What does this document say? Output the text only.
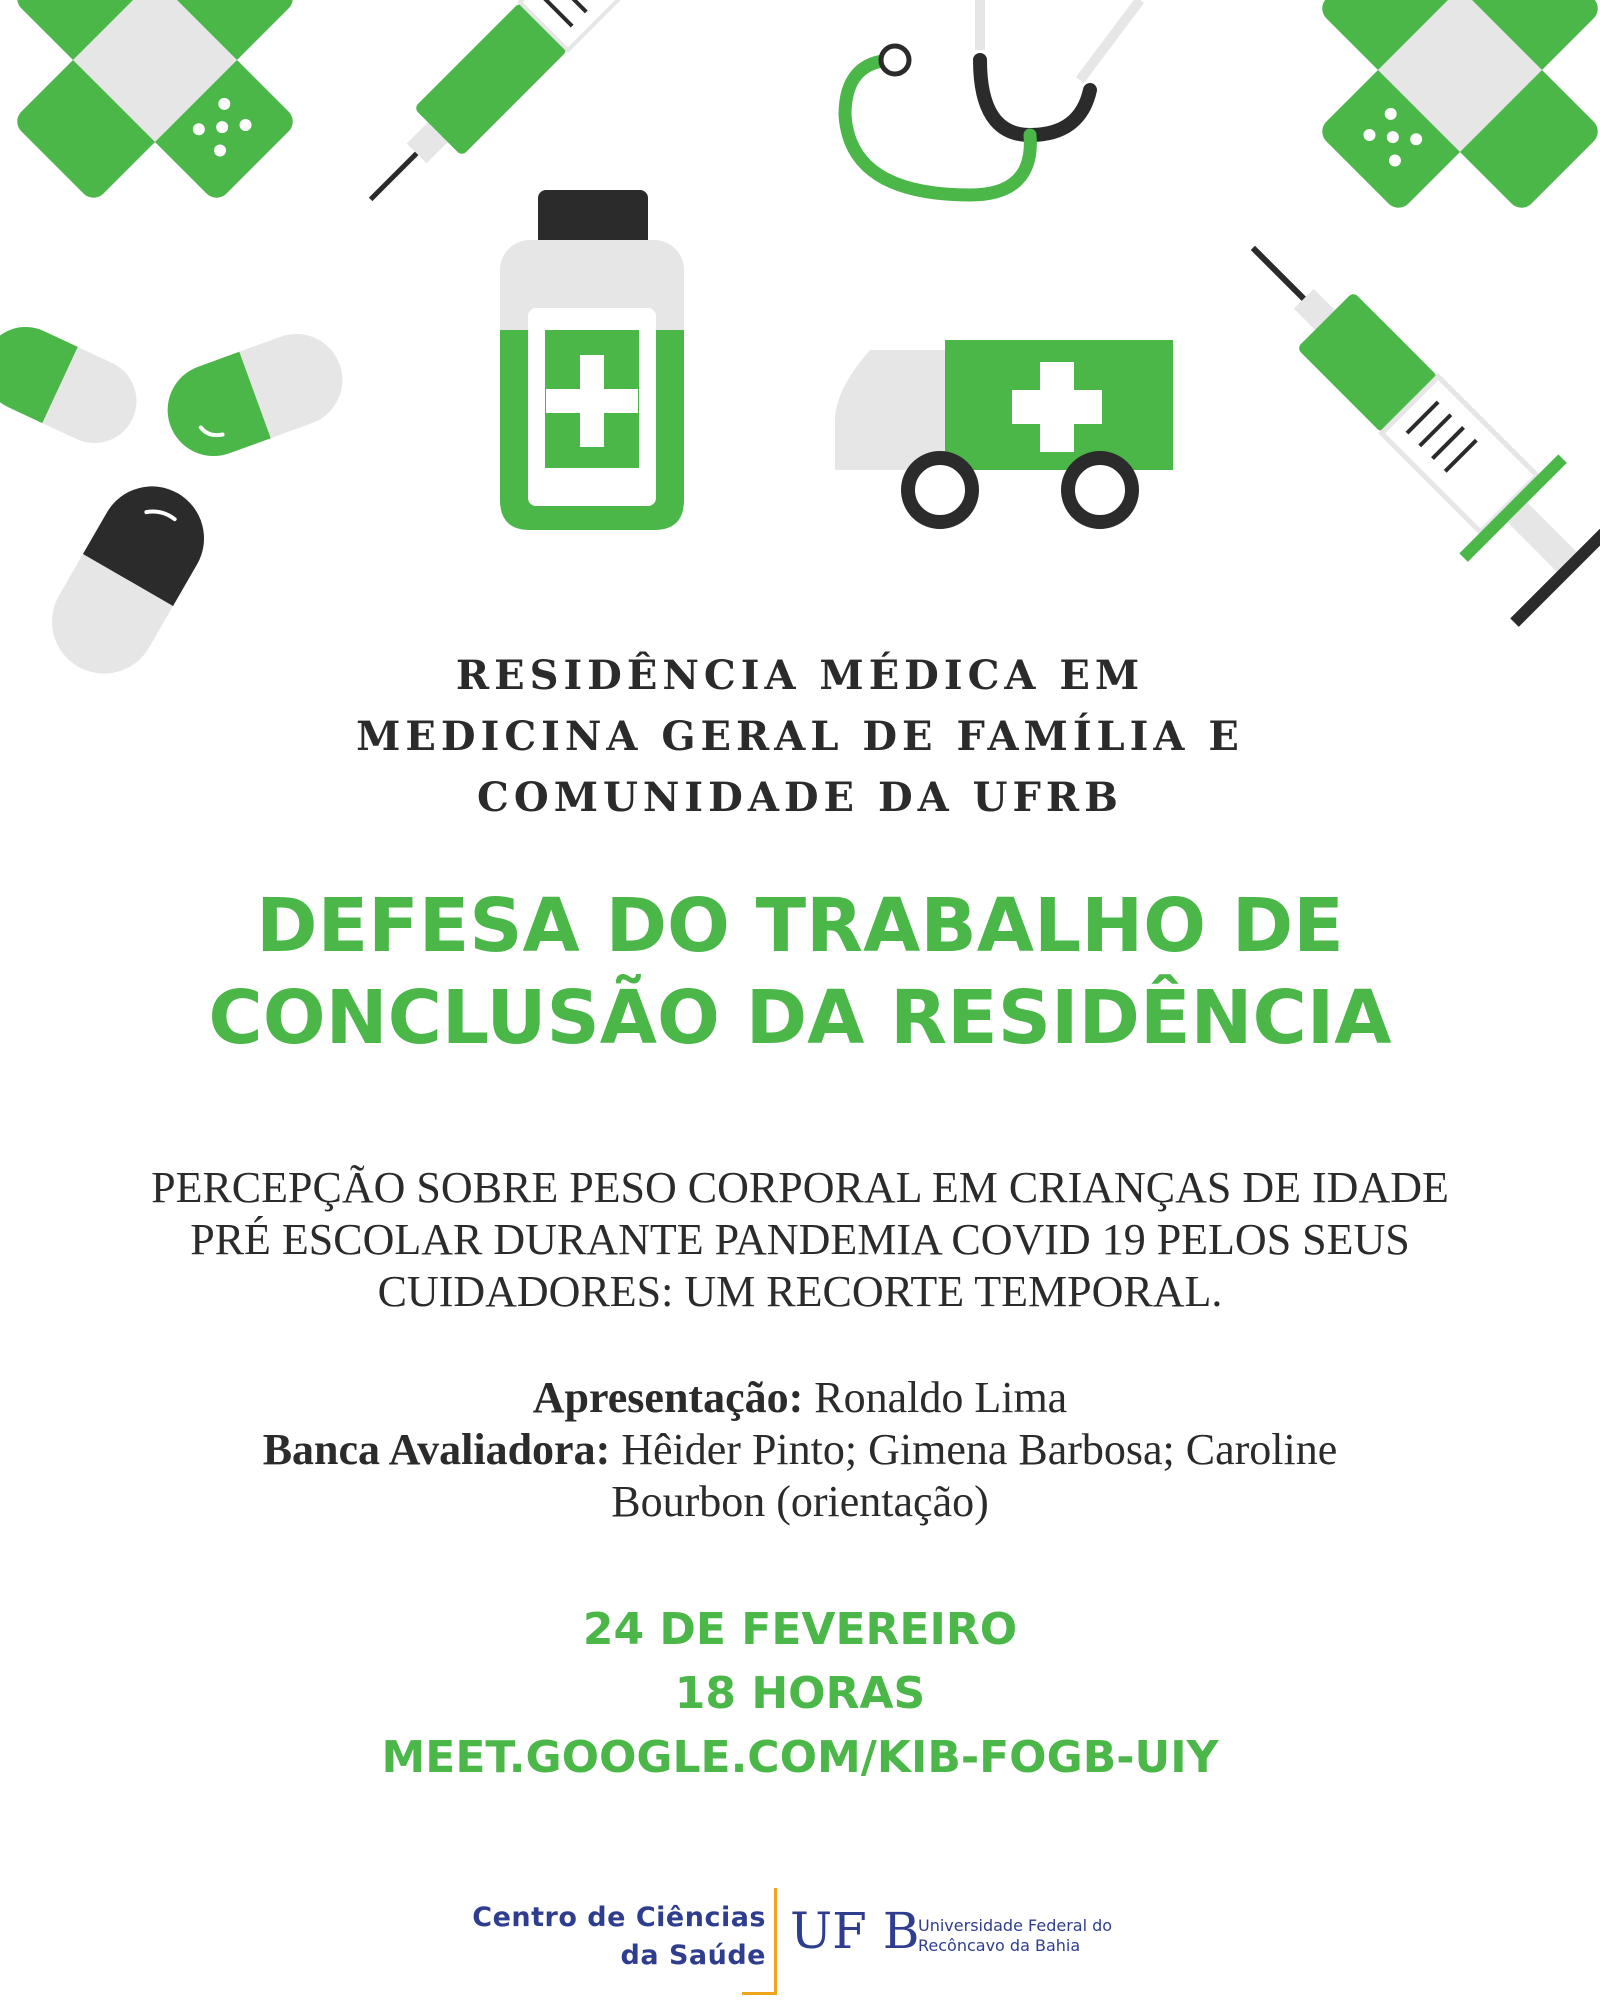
RESIDÊNCIA MÉDICA EM
MEDICINA GERAL DE FAMÍLIA E
COMUNIDADE DA UFRB
DEFESA DO TRABALHO DE
CONCLUSÃO DA RESIDÊNCIA
PERCEPÇÃO SOBRE PESO CORPORAL EM CRIANÇAS DE IDADE
PRÉ ESCOLAR DURANTE PANDEMIA COVID 19 PELOS SEUS
CUIDADORES: UM RECORTE TEMPORAL.
Apresentação: Ronaldo Lima
Banca Avaliadora: Hêider Pinto; Gimena Barbosa; Caroline
Bourbon (orientação)
24 DE FEVEREIRO
18 HORAS
MEET.GOOGLE.COM/KIB-FOGB-UIY
Centro de Ciências
da Saúde UF B
Universidade Federal do
Recôncavo da Bahia
